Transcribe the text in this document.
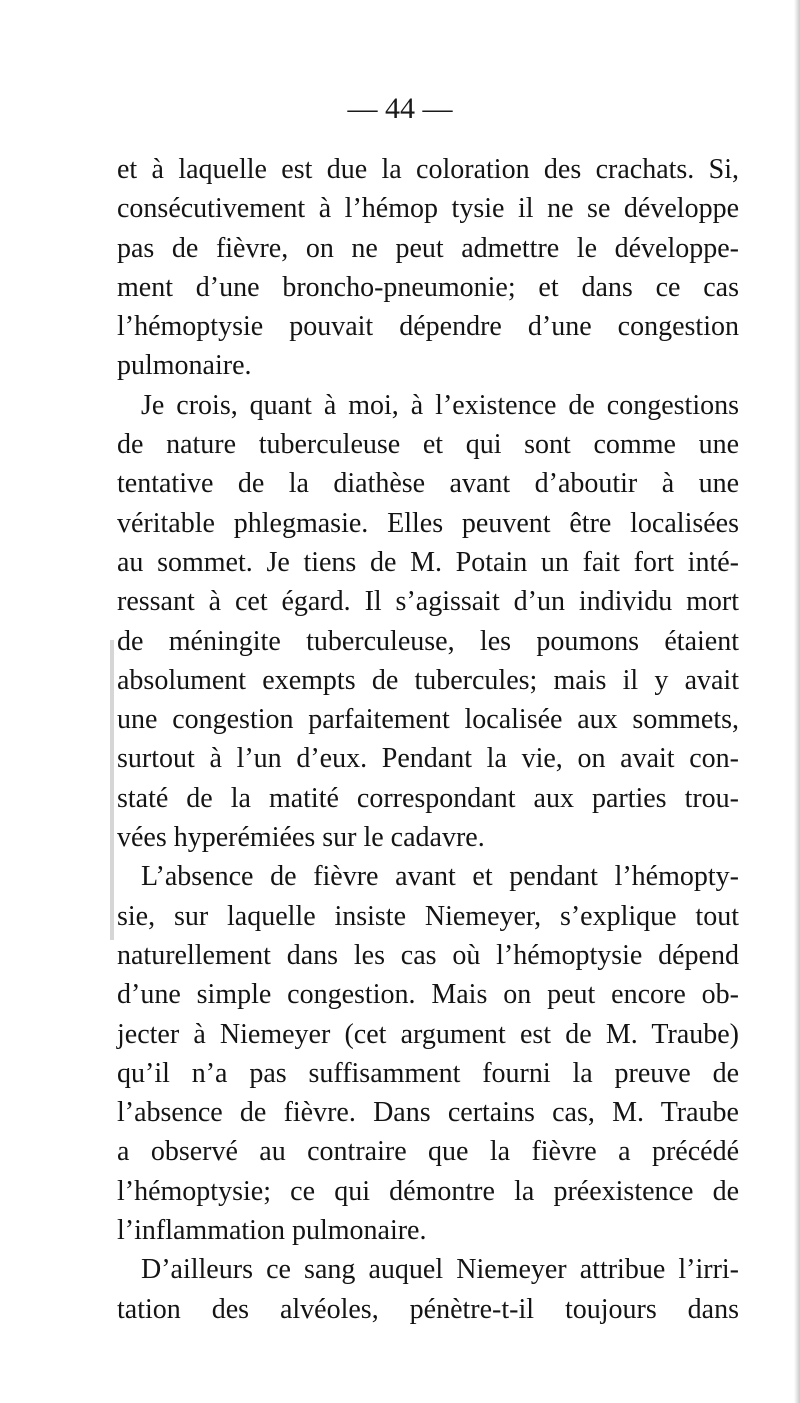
— 44 —
et à laquelle est due la coloration des crachats. Si,
consécutivement à l’hémop tysie il ne se développe
pas de fièvre, on ne peut admettre le développe-
ment d’une broncho-pneumonie; et dans ce cas
l’hémoptysie pouvait dépendre d’une congestion
pulmonaire.
Je crois, quant à moi, à l’existence de congestions
de nature tuberculeuse et qui sont comme une
tentative de la diathèse avant d’aboutir à une
véritable phlegmasie. Elles peuvent être localisées
au sommet. Je tiens de M. Potain un fait fort inté-
ressant à cet égard. Il s’agissait d’un individu mort
de méningite tuberculeuse, les poumons étaient
absolument exempts de tubercules; mais il y avait
une congestion parfaitement localisée aux sommets,
surtout à l’un d’eux. Pendant la vie, on avait con-
staté de la matité correspondant aux parties trou-
vées hyperémiées sur le cadavre.
L’absence de fièvre avant et pendant l’hémopty-
sie, sur laquelle insiste Niemeyer, s’explique tout
naturellement dans les cas où l’hémoptysie dépend
d’une simple congestion. Mais on peut encore ob-
jecter à Niemeyer (cet argument est de M. Traube)
qu’il n’a pas suffisamment fourni la preuve de
l’absence de fièvre. Dans certains cas, M. Traube
a observé au contraire que la fièvre a précédé
l’hémoptysie; ce qui démontre la préexistence de
l’inflammation pulmonaire.
D’ailleurs ce sang auquel Niemeyer attribue l’irri-
tation des alvéoles, pénètre-t-il toujours dans
